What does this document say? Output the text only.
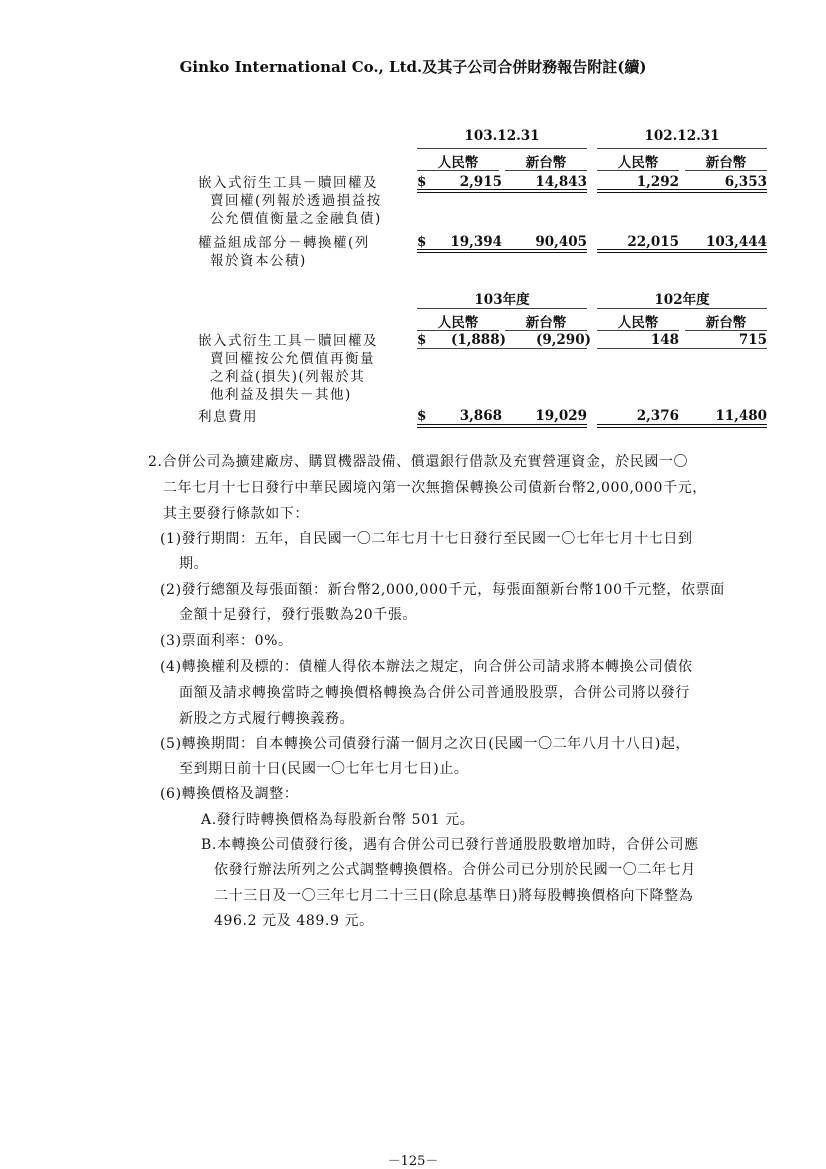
Ginko International Co., Ltd.及其子公司合併財務報告附註(續)
103.12.31	102.12.31
人民幣	新台幣	人民幣	新台幣
嵌入式衍生工具－贖回權及
賣回權(列報於透過損益按
公允價值衡量之金融負債)
$	2,915	14,843	1,292	6,353
權益組成部分－轉換權(列
報於資本公積)
$	19,394	90,405	22,015	103,444
103年度	102年度
人民幣	新台幣	人民幣	新台幣
嵌入式衍生工具－贖回權及
賣回權按公允價值再衡量
之利益(損失)(列報於其
他利益及損失－其他)
$	(1,888)	(9,290)	148	715
利息費用	$	3,868	19,029	2,376	11,480
2.合併公司為擴建廠房、購買機器設備、償還銀行借款及充實營運資金，於民國一〇
二年七月十七日發行中華民國境內第一次無擔保轉換公司債新台幣2,000,000千元，
其主要發行條款如下：
(1)發行期間：五年，自民國一〇二年七月十七日發行至民國一〇七年七月十七日到
期。
(2)發行總額及每張面額：新台幣2,000,000千元，每張面額新台幣100千元整，依票面
金額十足發行，發行張數為20千張。
(3)票面利率：0%。
(4)轉換權利及標的：債權人得依本辦法之規定，向合併公司請求將本轉換公司債依
面額及請求轉換當時之轉換價格轉換為合併公司普通股股票，合併公司將以發行
新股之方式履行轉換義務。
(5)轉換期間：自本轉換公司債發行滿一個月之次日(民國一〇二年八月十八日)起，
至到期日前十日(民國一〇七年七月七日)止。
(6)轉換價格及調整：
A.發行時轉換價格為每股新台幣 501 元。
B.本轉換公司債發行後，遇有合併公司已發行普通股股數增加時，合併公司應
依發行辦法所列之公式調整轉換價格。合併公司已分別於民國一〇二年七月
二十三日及一〇三年七月二十三日(除息基準日)將每股轉換價格向下降整為
496.2 元及 489.9 元。
－125－
